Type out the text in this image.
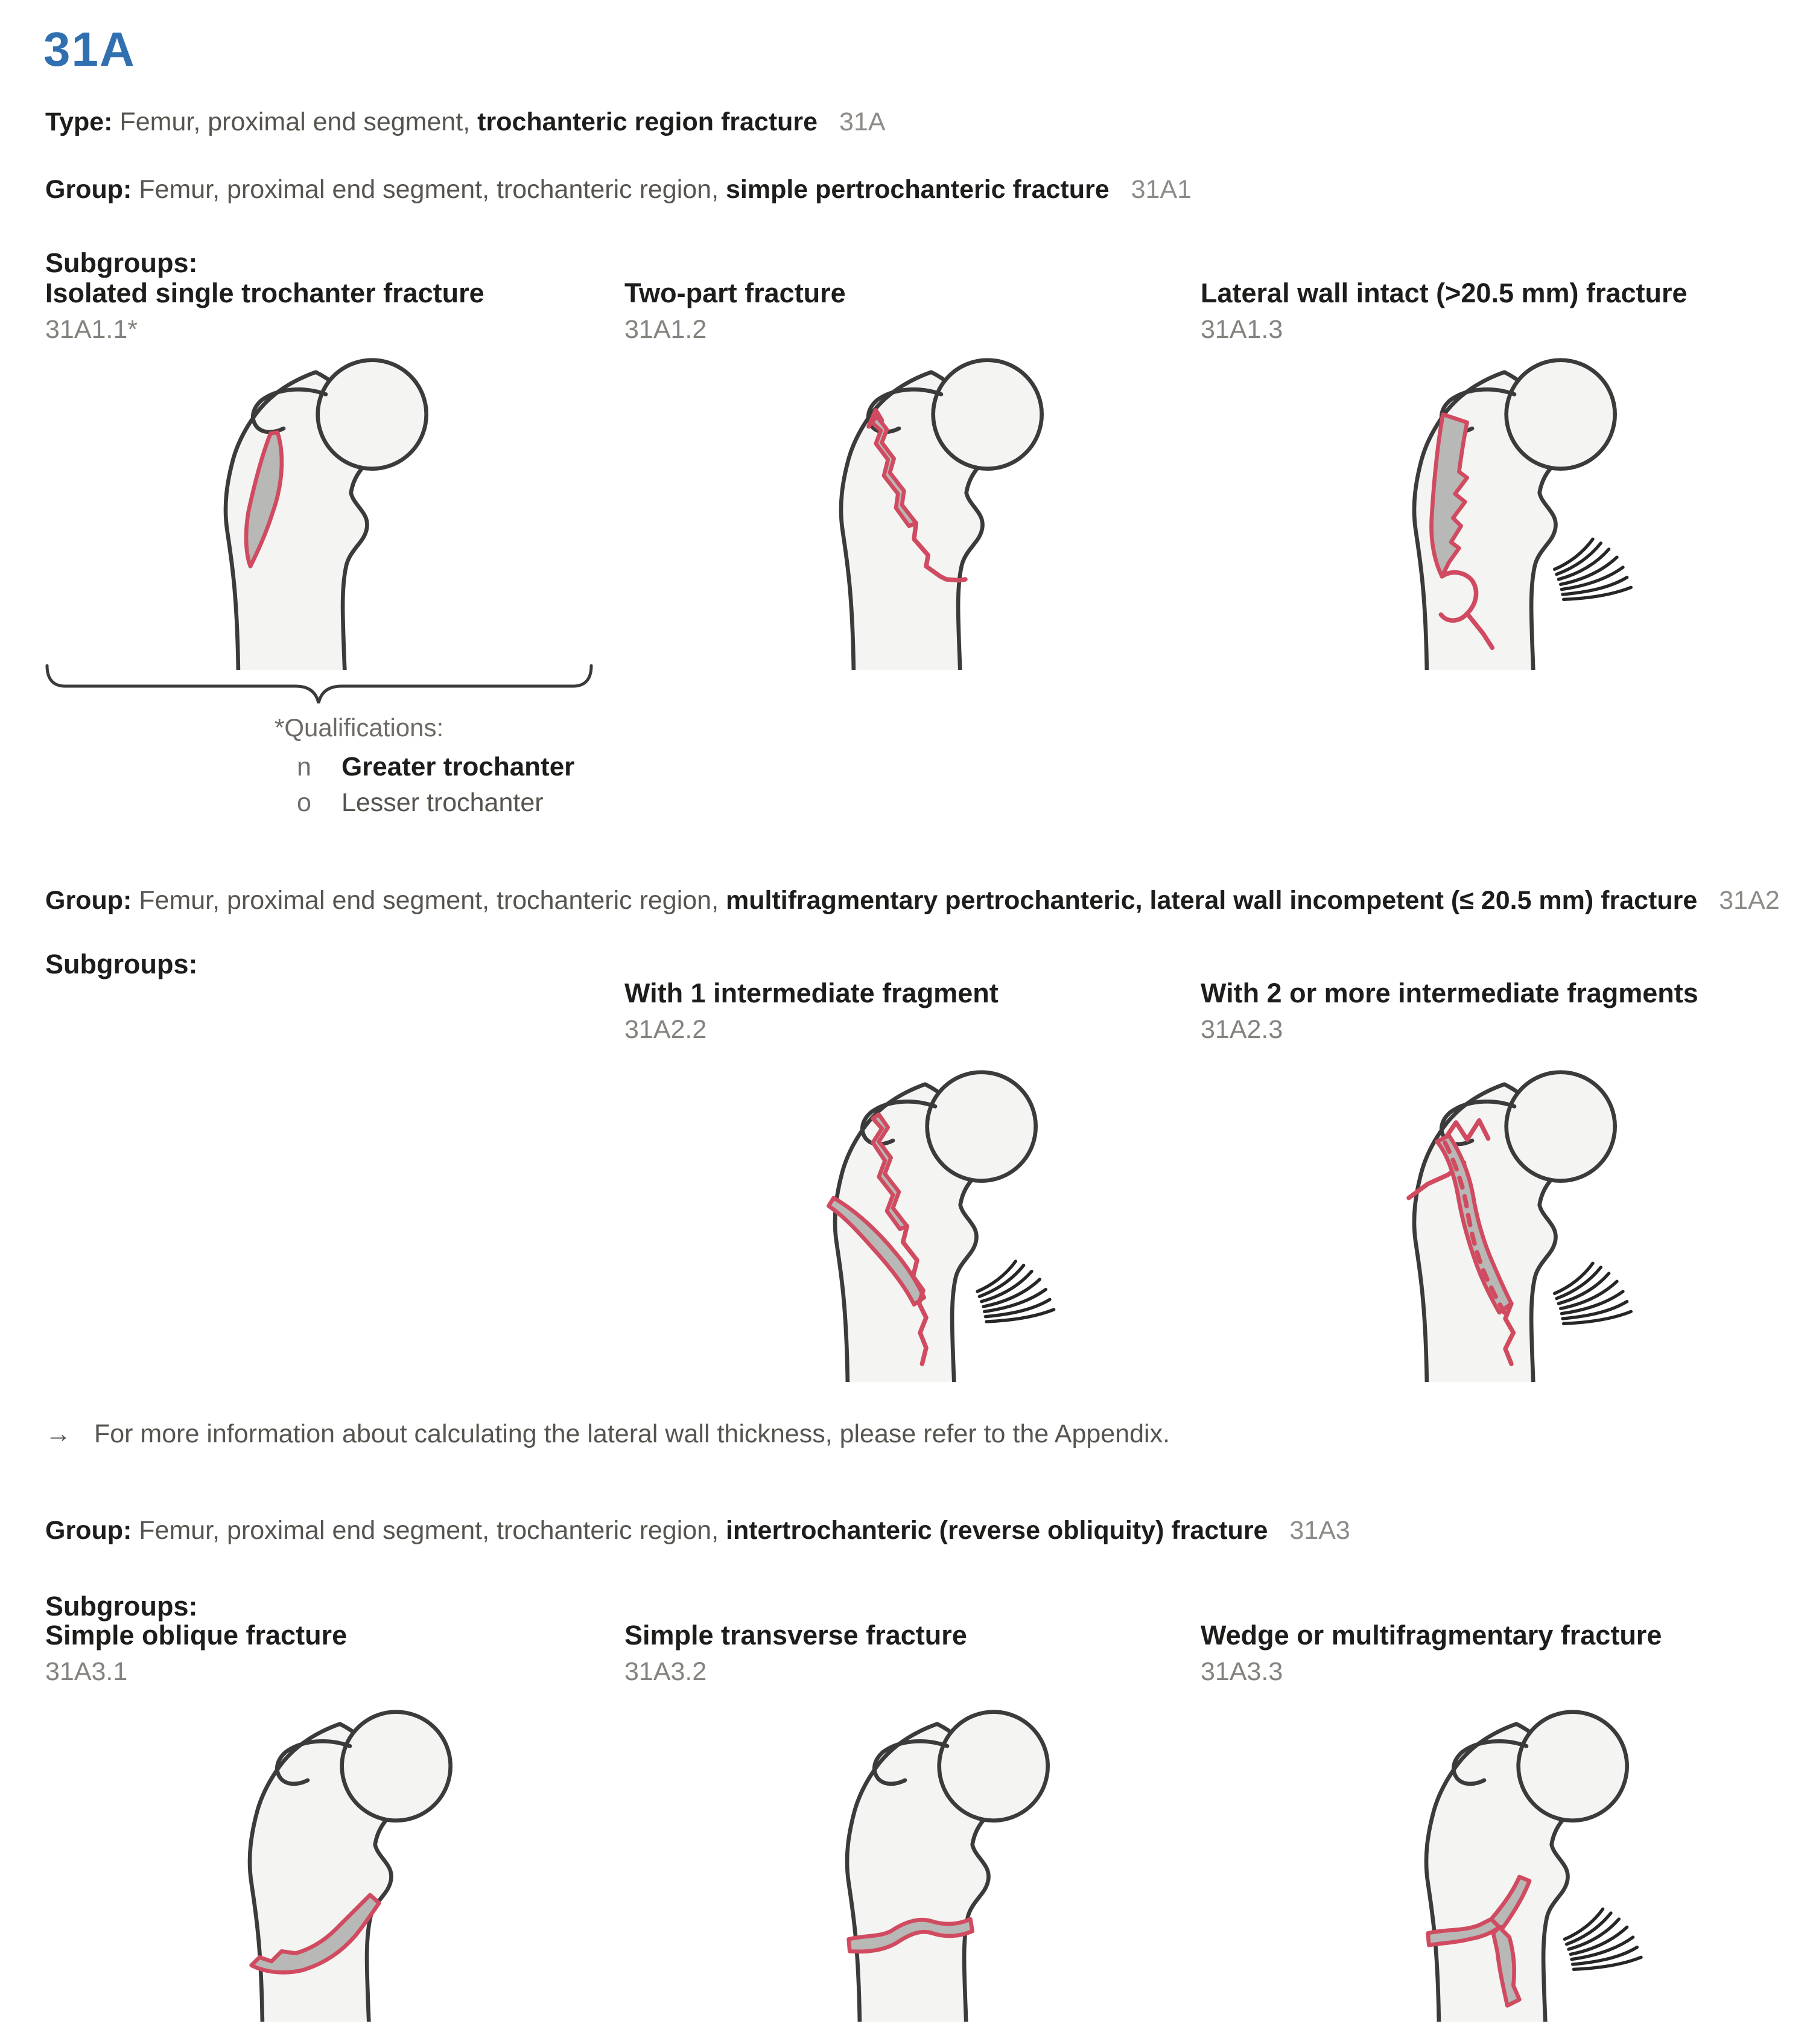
31A
Type: Femur, proximal end segment, trochanteric region fracture 31A
Group: Femur, proximal end segment, trochanteric region, simple pertrochanteric fracture 31A1
Subgroups:
Isolated single trochanter fracture
31A1.1*
Two-part fracture
31A1.2
Lateral wall intact (>20.5 mm) fracture
31A1.3
*Qualifications:
n Greater trochanter
o Lesser trochanter
Group: Femur, proximal end segment, trochanteric region, multifragmentary pertrochanteric, lateral wall incompetent (≤ 20.5 mm) fracture 31A2
Subgroups:
With 1 intermediate fragment
31A2.2
With 2 or more intermediate fragments
31A2.3
→ For more information about calculating the lateral wall thickness, please refer to the Appendix.
Group: Femur, proximal end segment, trochanteric region, intertrochanteric (reverse obliquity) fracture 31A3
Subgroups:
Simple oblique fracture
31A3.1
Simple transverse fracture
31A3.2
Wedge or multifragmentary fracture
31A3.3
